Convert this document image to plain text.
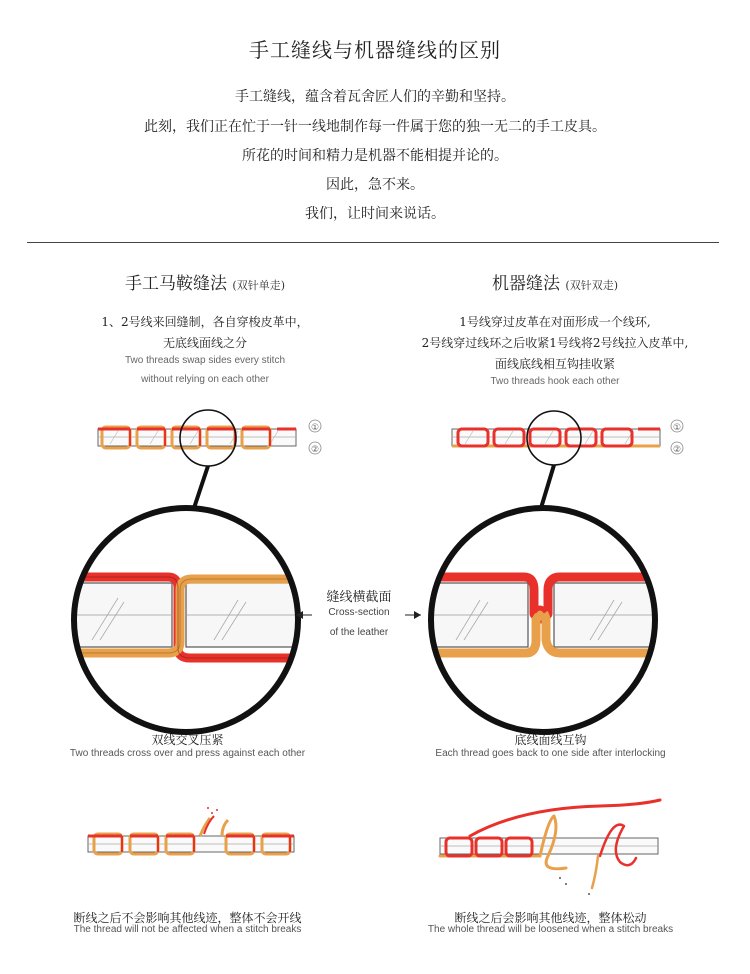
手工缝线与机器缝线的区别
手工缝线，蕴含着瓦舍匠人们的辛勤和坚持。
此刻，我们正在忙于一针一线地制作每一件属于您的独一无二的手工皮具。
所花的时间和精力是机器不能相提并论的。
因此，急不来。
我们，让时间来说话。
手工马鞍缝法 (双针单走)
1、2号线来回缝制，各自穿梭皮革中，
无底线面线之分
Two threads swap sides every stitch
without relying on each other
机器缝法 (双针双走)
1号线穿过皮革在对面形成一个线环,
2号线穿过线环之后收紧1号线将2号线拉入皮革中,
面线底线相互钩挂收紧
Two threads hook each other
①
②
①
②
缝线横截面
Cross-section
of the leather
双线交叉压紧
Two threads cross over and press against each other
底线面线互钩
Each thread goes back to one side after interlocking
断线之后不会影响其他线迹，整体不会开线
The thread will not be affected when a stitch breaks
断线之后会影响其他线迹，整体松动
The whole thread will be loosened when a stitch breaks
